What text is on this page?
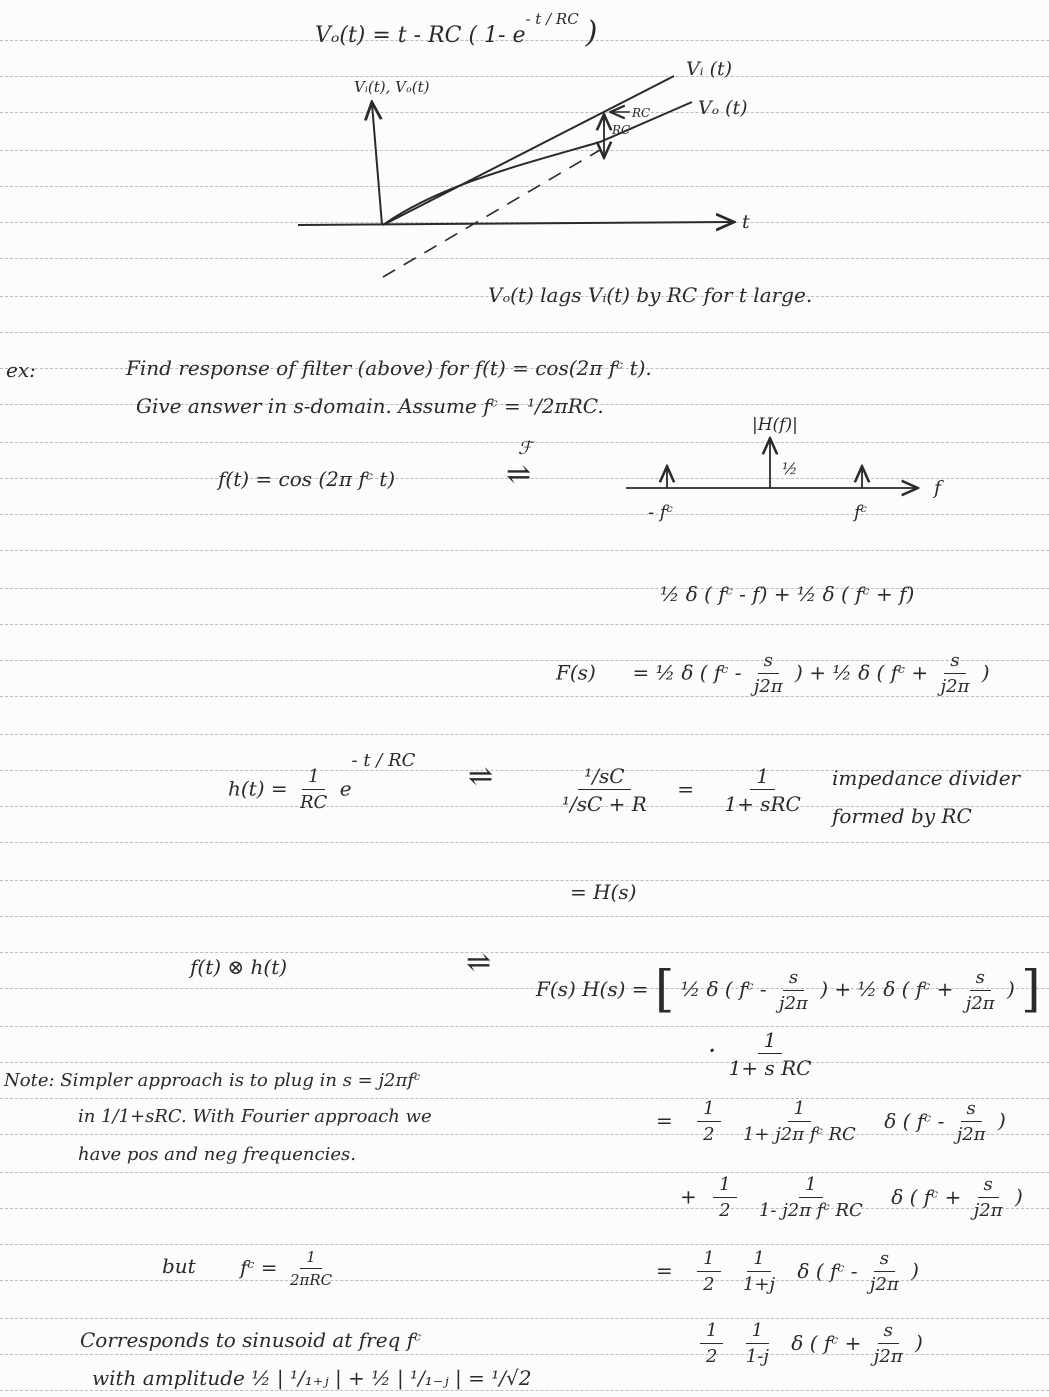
Vₒ(t) = t - RC ( 1- $e^{- t / RC}$ )
Vᵢ(t), Vₒ(t)
t
Vᵢ (t)
Vₒ (t)
RC
RC
Vₒ(t) lags Vᵢ(t) by RC for t large.
ex:	Find response of filter (above) for f(t) = cos(2π fᶜ t).
Give answer in s-domain. Assume fᶜ = ¹/2πRC.
f(t) = cos (2π fᶜ t)
ℱ
⇌
|H(f)|
½
- fᶜ	fᶜ
f
½ δ ( fᶜ - f) + ½ δ ( fᶜ + f)
F(s) = ½ δ ( fᶜ - $\frac{s}{j2\pi}$ ) + ½ δ ( fᶜ + $\frac{s}{j2\pi}$ )
$h(t) = \frac{1}{RC} e^{- t / RC}$ ⇌	$\frac{\text{¹/sC}}{\text{¹/sC + R}} = \frac{1}{\text{1+ sRC}}$ impedance divider
formed by RC
= H(s)
f(t) ⊗ h(t)	⇌
F(s) H(s) = [ ½ δ ( fᶜ - $\frac{s}{j2\pi}$ ) + ½ δ ( fᶜ + $\frac{s}{j2\pi}$ ) ]
· $\frac{1}{\text{1+ s RC}}$
Note: Simpler approach is to plug in s = j2πfᶜ
in 1/1+sRC. With Fourier approach we
have pos and neg frequencies.
= $\frac{1}{2}$
$\frac{1}{\text{1+ j2π fᶜ RC}}$ δ ( fᶜ - $\frac{s}{j2\pi}$ )
+ $\frac{1}{2}$
$\frac{1}{\text{1- j2π fᶜ RC}}$ δ ( fᶜ + $\frac{s}{j2\pi}$ )
but fᶜ = $\frac{1}{\text{2πRC}}$	= $\frac{1}{2}$
$\frac{1}{1+j}$ δ ( fᶜ - $\frac{s}{j2\pi}$ )
$\frac{1}{2}$
$\frac{1}{1-j}$ δ ( fᶜ + $\frac{s}{j2\pi}$ )
Corresponds to sinusoid at freq fᶜ
with amplitude ½ | ¹/₁₊ⱼ | + ½ | ¹/₁₋ⱼ | = ¹/√2
